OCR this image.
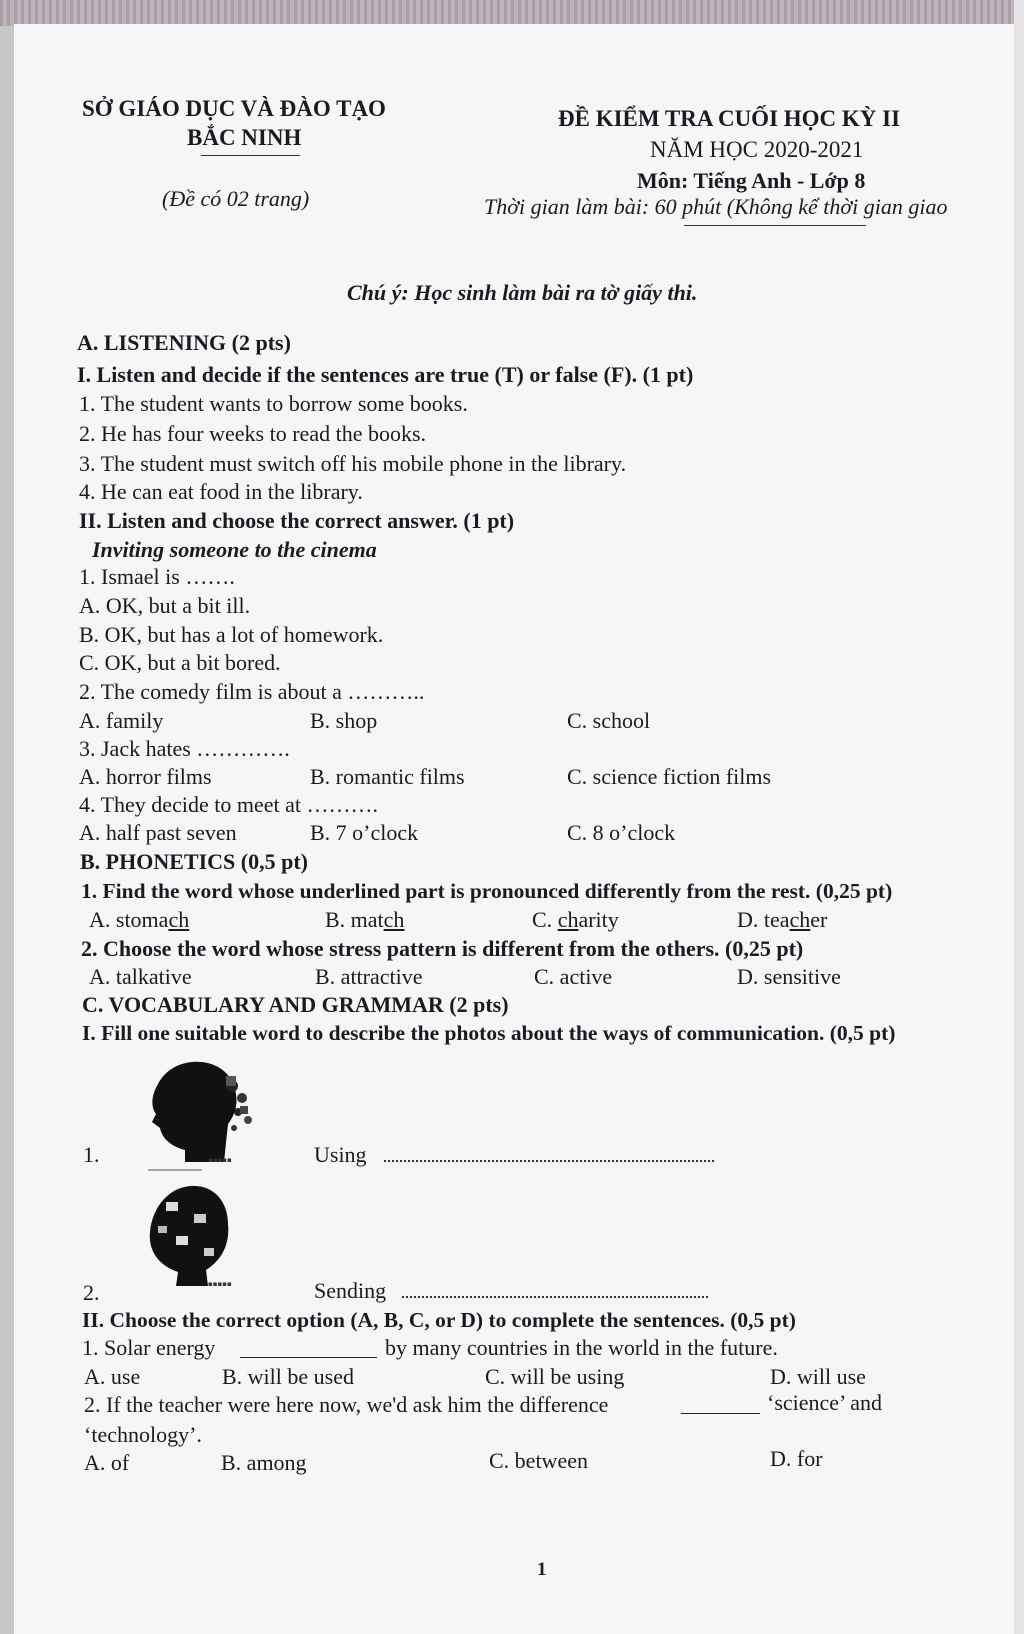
SỞ GIÁO DỤC VÀ ĐÀO TẠO
BẮC NINH
(Đề có 02 trang)
ĐỀ KIỂM TRA CUỐI HỌC KỲ II
NĂM HỌC 2020-2021
Môn: Tiếng Anh - Lớp 8
Thời gian làm bài: 60 phút (Không kể thời gian giao
Chú ý: Học sinh làm bài ra tờ giấy thi.
A. LISTENING (2 pts)
I. Listen and decide if the sentences are true (T) or false (F). (1 pt)
1. The student wants to borrow some books.
2. He has four weeks to read the books.
3. The student must switch off his mobile phone in the library.
4. He can eat food in the library.
II. Listen and choose the correct answer. (1 pt)
Inviting someone to the cinema
1. Ismael is …….
A. OK, but a bit ill.
B. OK, but has a lot of homework.
C. OK, but a bit bored.
2. The comedy film is about a ………..
A. family	B. shop	C. school
3. Jack hates ………….
A. horror films	B. romantic films	C. science fiction films
4. They decide to meet at ……….
A. half past seven	B. 7 o’clock	C. 8 o’clock
B. PHONETICS (0,5 pt)
1. Find the word whose underlined part is pronounced differently from the rest. (0,25 pt)
A. stomach	B. match	C. charity	D. teacher
2. Choose the word whose stress pattern is different from the others. (0,25 pt)
A. talkative	B. attractive	C. active	D. sensitive
C. VOCABULARY AND GRAMMAR (2 pts)
I. Fill one suitable word to describe the photos about the ways of communication. (0,5 pt)
▪▪▪▪▪
1.	Using
▪▪▪▪▪
2.	Sending
II. Choose the correct option (A, B, C, or D) to complete the sentences. (0,5 pt)
1. Solar energy	by many countries in the world in the future.
A. use	B. will be used	C. will be using	D. will use
2. If the teacher were here now, we'd ask him the difference	‘science’ and
‘technology’.
A. of	B. among	C. between	D. for
1
